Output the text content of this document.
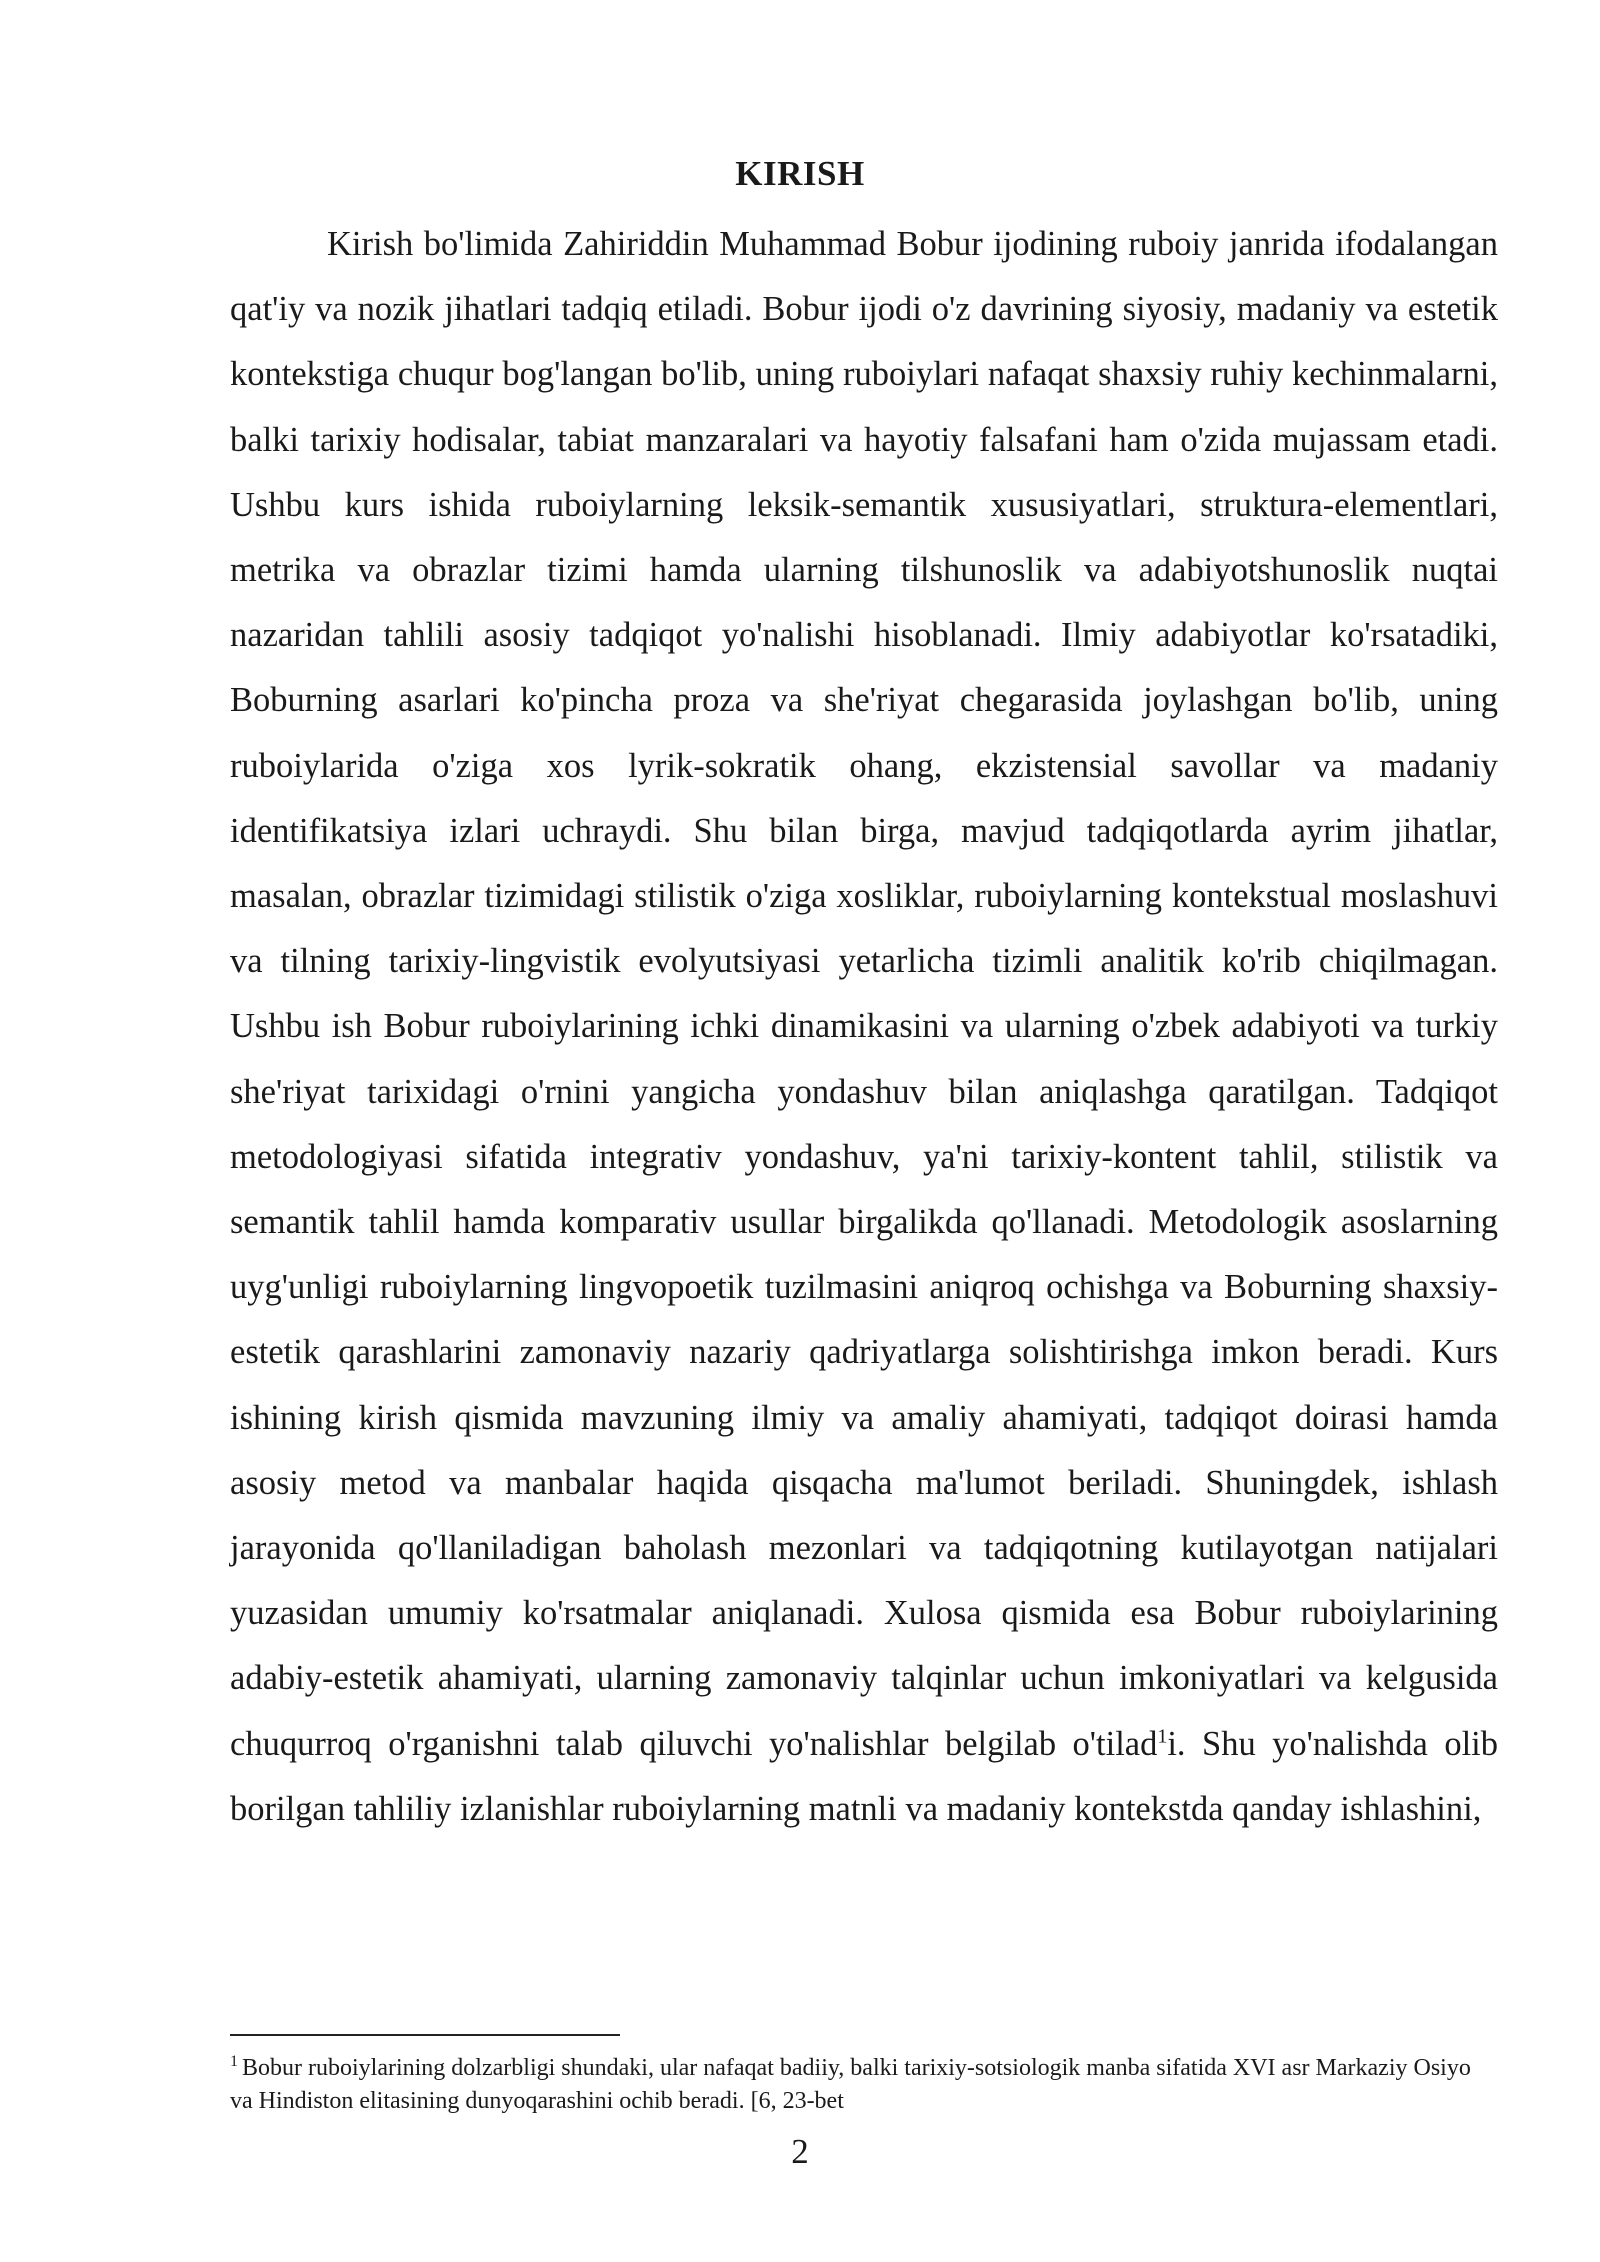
KIRISH

Kirish bo'limida Zahiriddin Muhammad Bobur ijodining ruboiy janrida ifodalangan qat'iy va nozik jihatlari tadqiq etiladi. Bobur ijodi o'z davrining siyosiy, madaniy va estetik kontekstiga chuqur bog'langan bo'lib, uning ruboiylari nafaqat shaxsiy ruhiy kechinmalarni, balki tarixiy hodisalar, tabiat manzaralari va hayotiy falsafani ham o'zida mujassam etadi. Ushbu kurs ishida ruboiylarning leksik-semantik xususiyatlari, struktura-elementlari, metrika va obrazlar tizimi hamda ularning tilshunoslik va adabiyotshunoslik nuqtai nazaridan tahlili asosiy tadqiqot yo'nalishi hisoblanadi. Ilmiy adabiyotlar ko'rsatadiki, Boburning asarlari ko'pincha proza va she'riyat chegarasida joylashgan bo'lib, uning ruboiylarida o'ziga xos lyrik-sokratik ohang, ekzistensial savollar va madaniy identifikatsiya izlari uchraydi. Shu bilan birga, mavjud tadqiqotlarda ayrim jihatlar, masalan, obrazlar tizimidagi stilistik o'ziga xosliklar, ruboiylarning kontekstual moslashuvi va tilning tarixiy-lingvistik evolyutsiyasi yetarlicha tizimli analitik ko'rib chiqilmagan. Ushbu ish Bobur ruboiylarining ichki dinamikasini va ularning o'zbek adabiyoti va turkiy she'riyat tarixidagi o'rnini yangicha yondashuv bilan aniqlashga qaratilgan. Tadqiqot metodologiyasi sifatida integrativ yondashuv, ya'ni tarixiy-kontent tahlil, stilistik va semantik tahlil hamda komparativ usullar birgalikda qo'llanadi. Metodologik asoslarning uyg'unligi ruboiylarning lingvopoetik tuzilmasini aniqroq ochishga va Boburning shaxsiy-estetik qarashlarini zamonaviy nazariy qadriyatlarga solishtirishga imkon beradi. Kurs ishining kirish qismida mavzuning ilmiy va amaliy ahamiyati, tadqiqot doirasi hamda asosiy metod va manbalar haqida qisqacha ma'lumot beriladi. Shuningdek, ishlash jarayonida qo'llaniladigan baholash mezonlari va tadqiqotning kutilayotgan natijalari yuzasidan umumiy ko'rsatmalar aniqlanadi. Xulosa qismida esa Bobur ruboiylarining adabiy-estetik ahamiyati, ularning zamonaviy talqinlar uchun imkoniyatlari va kelgusida chuqurroq o'rganishni talab qiluvchi yo'nalishlar belgilab o'tilad$^1$i. Shu yo'nalishda olib borilgan tahliliy izlanishlar ruboiylarning matnli va madaniy kontekstda qanday ishlashini,

$^1$ Bobur ruboiylarining dolzarbligi shundaki, ular nafaqat badiiy, balki tarixiy-sotsiologik manba sifatida XVI asr Markaziy Osiyo va Hindiston elitasining dunyoqarashini ochib beradi. [6, 23-bet

2
